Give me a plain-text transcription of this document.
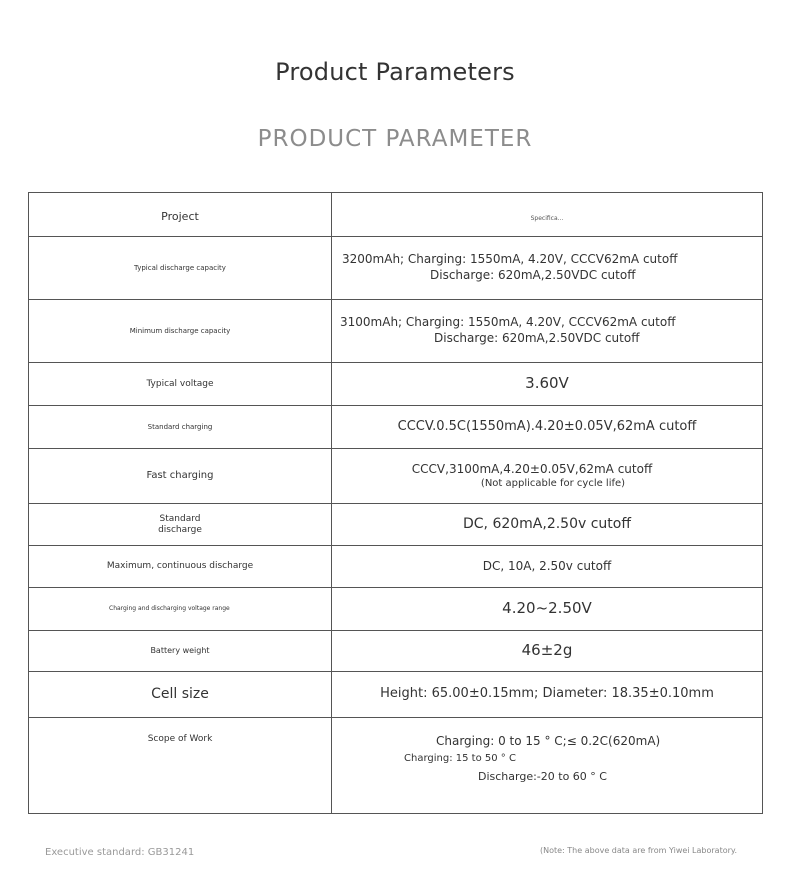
Product Parameters
PRODUCT PARAMETER
Project	Specifica...

Typical discharge capacity	3200mAh; Charging: 1550mA, 4.20V, CCCV62mA cutoff
Discharge: 620mA,2.50VDC cutoff

Minimum discharge capacity	3100mAh; Charging: 1550mA, 4.20V, CCCV62mA cutoff
Discharge: 620mA,2.50VDC cutoff

Typical voltage	3.60V

Standard charging	CCCV.0.5C(1550mA).4.20±0.05V,62mA cutoff

Fast charging	CCCV,3100mA,4.20±0.05V,62mA cutoff
(Not applicable for cycle life)

Standard discharge	DC, 620mA,2.50v cutoff

Maximum, continuous discharge	DC, 10A, 2.50v cutoff

Charging and discharging voltage range	4.20~2.50V

Battery weight	46±2g

Cell size	Height: 65.00±0.15mm; Diameter: 18.35±0.10mm

Scope of Work	Charging: 0 to 15 ° C;≤ 0.2C(620mA)
Charging: 15 to 50 ° C
Discharge:-20 to 60 ° C
Executive standard: GB31241	(Note: The above data are from Yiwei Laboratory.
